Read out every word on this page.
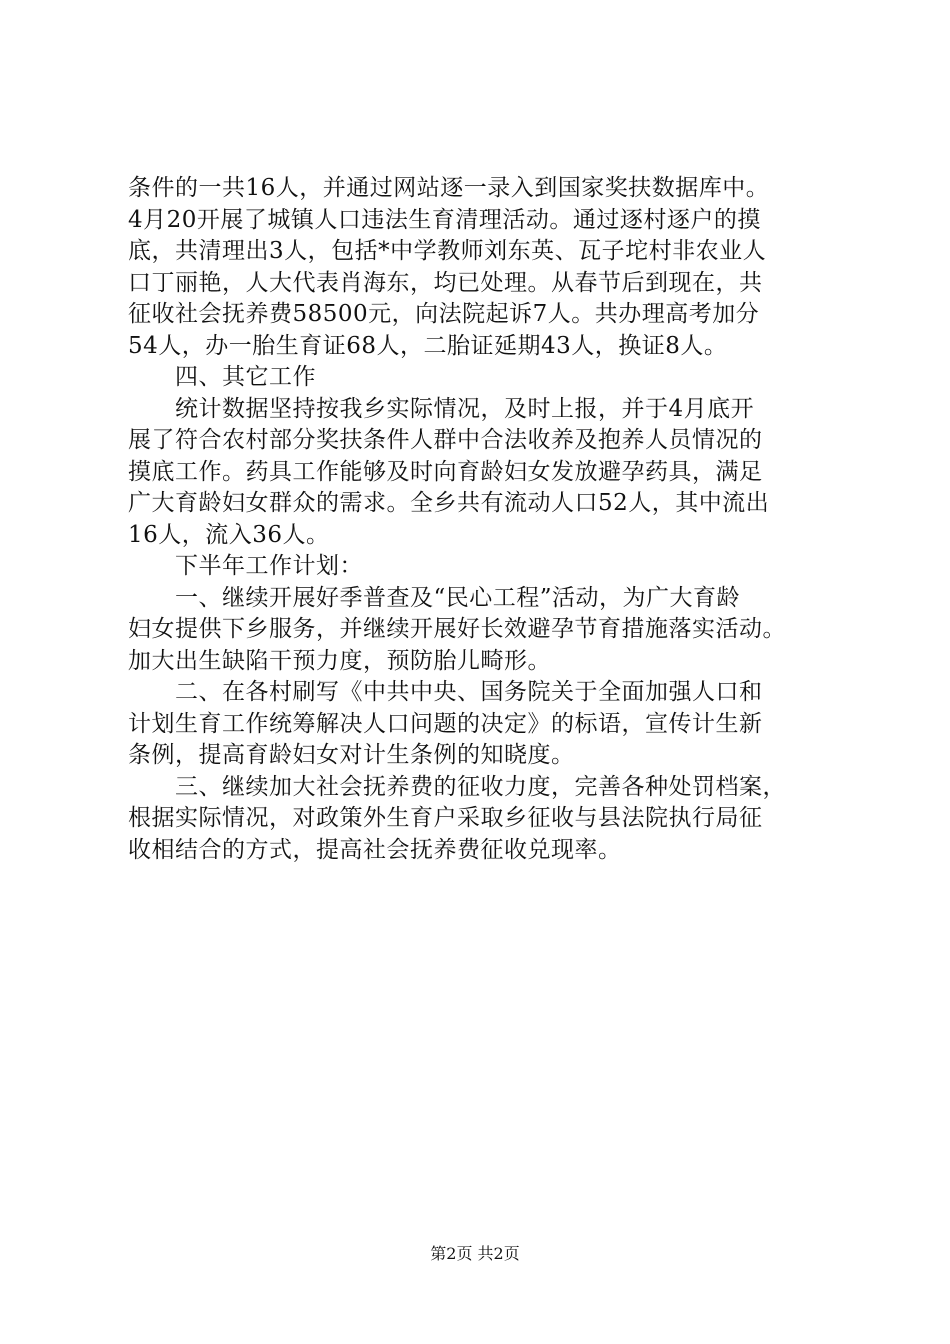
条件的一共16人，并通过网站逐一录入到国家奖扶数据库中。
4月20开展了城镇人口违法生育清理活动。通过逐村逐户的摸
底，共清理出3人，包括*中学教师刘东英、瓦子坨村非农业人
口丁丽艳，人大代表肖海东，均已处理。从春节后到现在，共
征收社会抚养费58500元，向法院起诉7人。共办理高考加分
54人，办一胎生育证68人，二胎证延期43人，换证8人。
四、其它工作
统计数据坚持按我乡实际情况，及时上报，并于4月底开
展了符合农村部分奖扶条件人群中合法收养及抱养人员情况的
摸底工作。药具工作能够及时向育龄妇女发放避孕药具，满足
广大育龄妇女群众的需求。全乡共有流动人口52人，其中流出
16人，流入36人。
下半年工作计划：
一、继续开展好季普查及“民心工程”活动，为广大育龄
妇女提供下乡服务，并继续开展好长效避孕节育措施落实活动。
加大出生缺陷干预力度，预防胎儿畸形。
二、在各村刷写《中共中央、国务院关于全面加强人口和
计划生育工作统筹解决人口问题的决定》的标语，宣传计生新
条例，提高育龄妇女对计生条例的知晓度。
三、继续加大社会抚养费的征收力度，完善各种处罚档案，
根据实际情况，对政策外生育户采取乡征收与县法院执行局征
收相结合的方式，提高社会抚养费征收兑现率。
第2页 共2页
